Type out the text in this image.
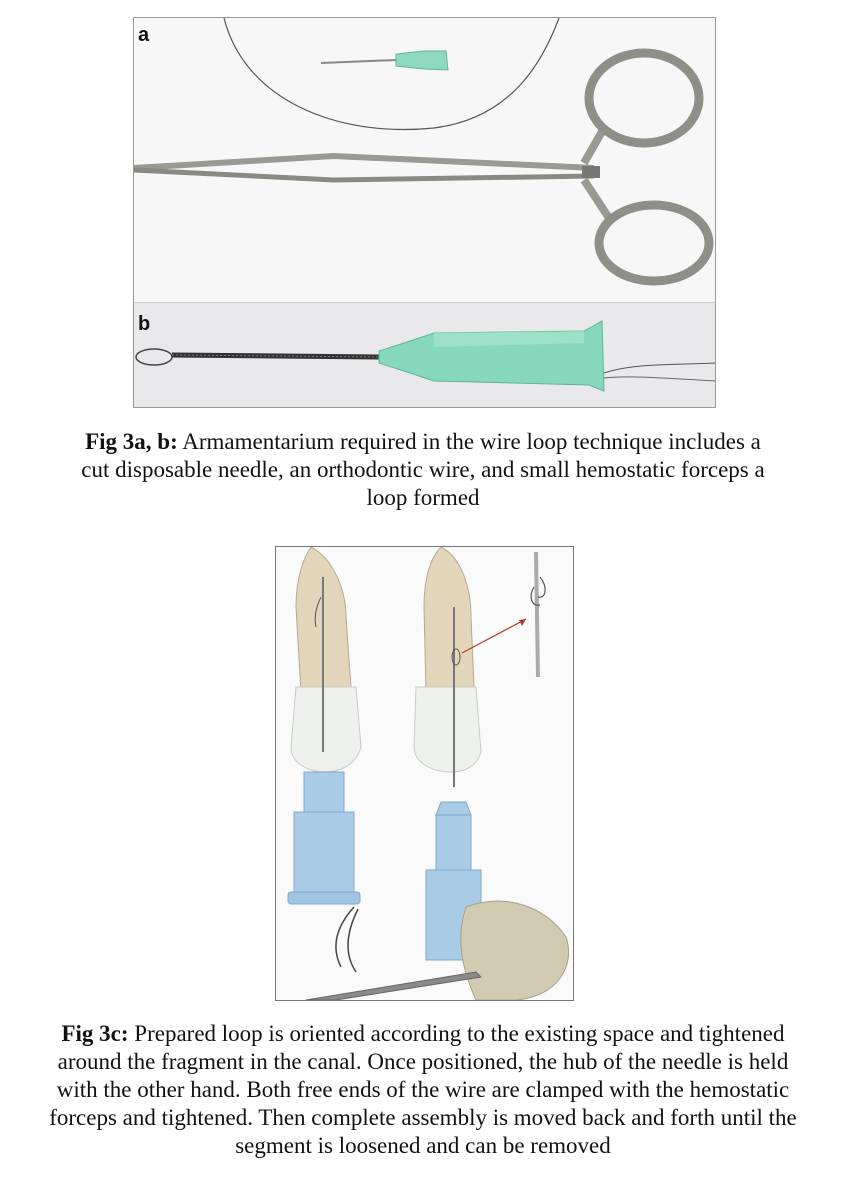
a
b
Fig 3a, b: Armamentarium required in the wire loop technique includes a cut disposable needle, an orthodontic wire, and small hemostatic forceps a loop formed
Fig 3c: Prepared loop is oriented according to the existing space and tightened around the fragment in the canal. Once positioned, the hub of the needle is held with the other hand. Both free ends of the wire are clamped with the hemostatic forceps and tightened. Then complete assembly is moved back and forth until the segment is loosened and can be removed
